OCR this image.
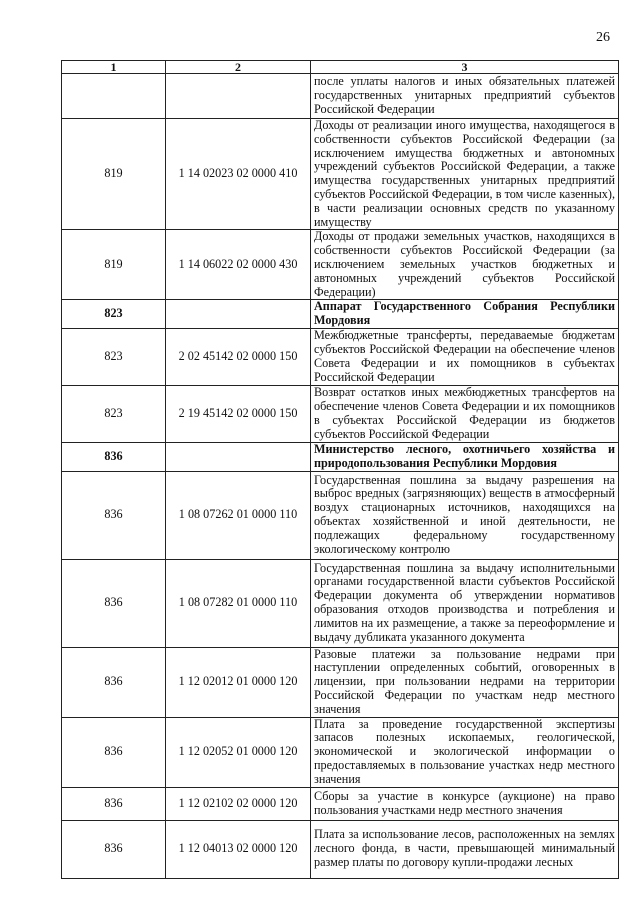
26
1	2	3
		после уплаты налогов и иных обязательных платежей государственных унитарных предприятий субъектов Российской Федерации
819	1 14 02023 02 0000 410	Доходы от реализации иного имущества, находящегося в собственности субъектов Российской Федерации (за исключением имущества бюджетных и автономных учреждений субъектов Российской Федерации, а также имущества государственных унитарных предприятий субъектов Российской Федерации, в том числе казенных), в части реализации основных средств по указанному имуществу
819	1 14 06022 02 0000 430	Доходы от продажи земельных участков, находящихся в собственности субъектов Российской Федерации (за исключением земельных участков бюджетных и автономных учреждений субъектов Российской Федерации)
823		Аппарат Государственного Собрания Республики Мордовия
823	2 02 45142 02 0000 150	Межбюджетные трансферты, передаваемые бюджетам субъектов Российской Федерации на обеспечение членов Совета Федерации и их помощников в субъектах Российской Федерации
823	2 19 45142 02 0000 150	Возврат остатков иных межбюджетных трансфертов на обеспечение членов Совета Федерации и их помощников в субъектах Российской Федерации из бюджетов субъектов Российской Федерации
836		Министерство лесного, охотничьего хозяйства и природопользования Республики Мордовия
836	1 08 07262 01 0000 110	Государственная пошлина за выдачу разрешения на выброс вредных (загрязняющих) веществ в атмосферный воздух стационарных источников, находящихся на объектах хозяйственной и иной деятельности, не подлежащих федеральному государственному экологическому контролю
836	1 08 07282 01 0000 110	Государственная пошлина за выдачу исполнительными органами государственной власти субъектов Российской Федерации документа об утверждении нормативов образования отходов производства и потребления и лимитов на их размещение, а также за переоформление и выдачу дубликата указанного документа
836	1 12 02012 01 0000 120	Разовые платежи за пользование недрами при наступлении определенных событий, оговоренных в лицензии, при пользовании недрами на территории Российской Федерации по участкам недр местного значения
836	1 12 02052 01 0000 120	Плата за проведение государственной экспертизы запасов полезных ископаемых, геологической, экономической и экологической информации о предоставляемых в пользование участках недр местного значения
836	1 12 02102 02 0000 120	Сборы за участие в конкурсе (аукционе) на право пользования участками недр местного значения
836	1 12 04013 02 0000 120	Плата за использование лесов, расположенных на землях лесного фонда, в части, превышающей минимальный размер платы по договору купли-продажи лесных
